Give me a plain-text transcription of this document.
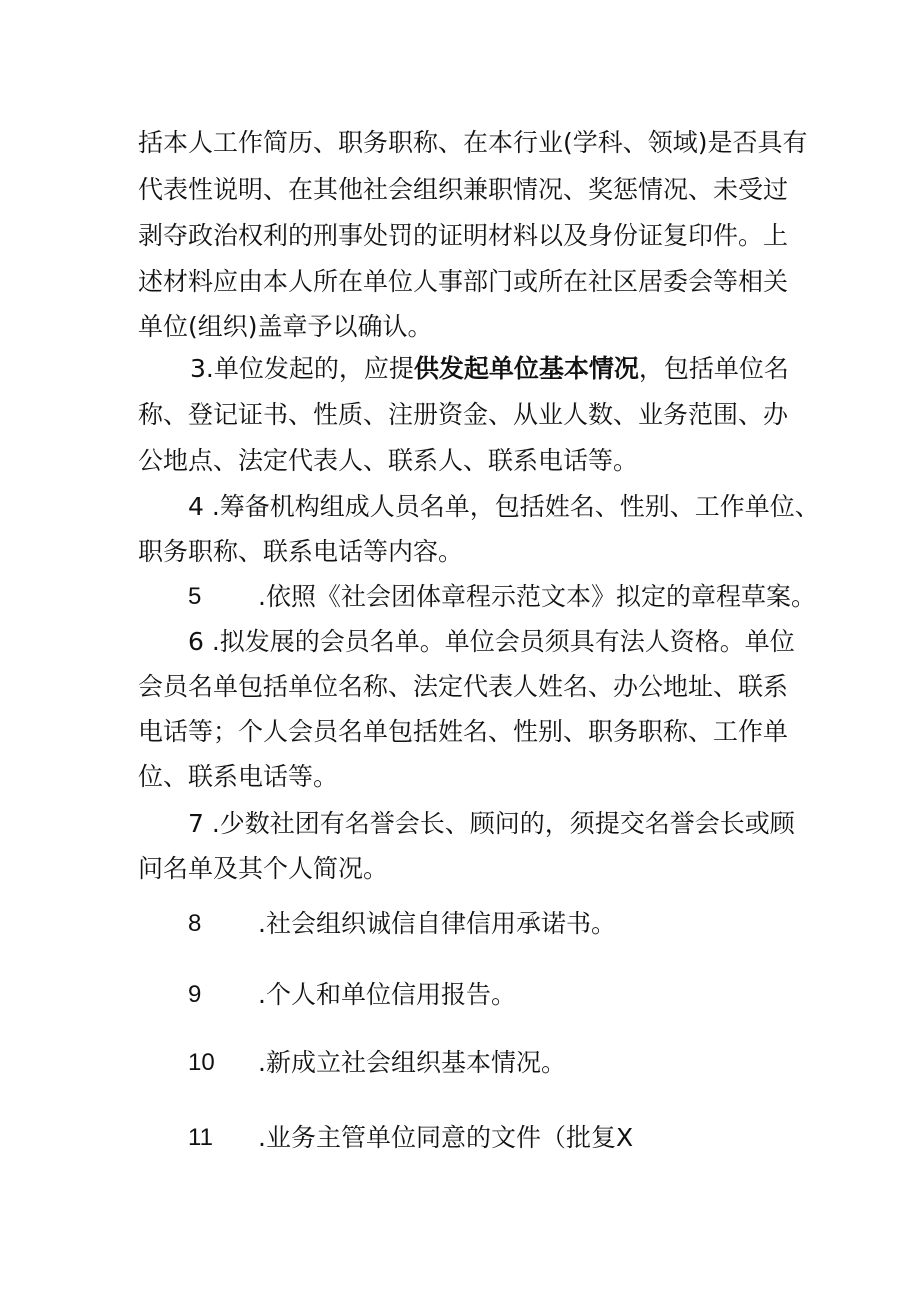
括本人工作简历、职务职称、在本行业(学科、领域)是否具有
代表性说明、在其他社会组织兼职情况、奖惩情况、未受过
剥夺政治权利的刑事处罚的证明材料以及身份证复印件。上
述材料应由本人所在单位人事部门或所在社区居委会等相关
单位(组织)盖章予以确认。
3.单位发起的，应提供发起单位基本情况，包括单位名
称、登记证书、性质、注册资金、从业人数、业务范围、办
公地点、法定代表人、联系人、联系电话等。
4 .筹备机构组成人员名单，包括姓名、性别、工作单位、
职务职称、联系电话等内容。
5 .依照《社会团体章程示范文本》拟定的章程草案。
6 .拟发展的会员名单。单位会员须具有法人资格。单位
会员名单包括单位名称、法定代表人姓名、办公地址、联系
电话等；个人会员名单包括姓名、性别、职务职称、工作单
位、联系电话等。
7 .少数社团有名誉会长、顾问的，须提交名誉会长或顾
问名单及其个人简况。
8 .社会组织诚信自律信用承诺书。
9 .个人和单位信用报告。
10 .新成立社会组织基本情况。
11 .业务主管单位同意的文件（批复X
